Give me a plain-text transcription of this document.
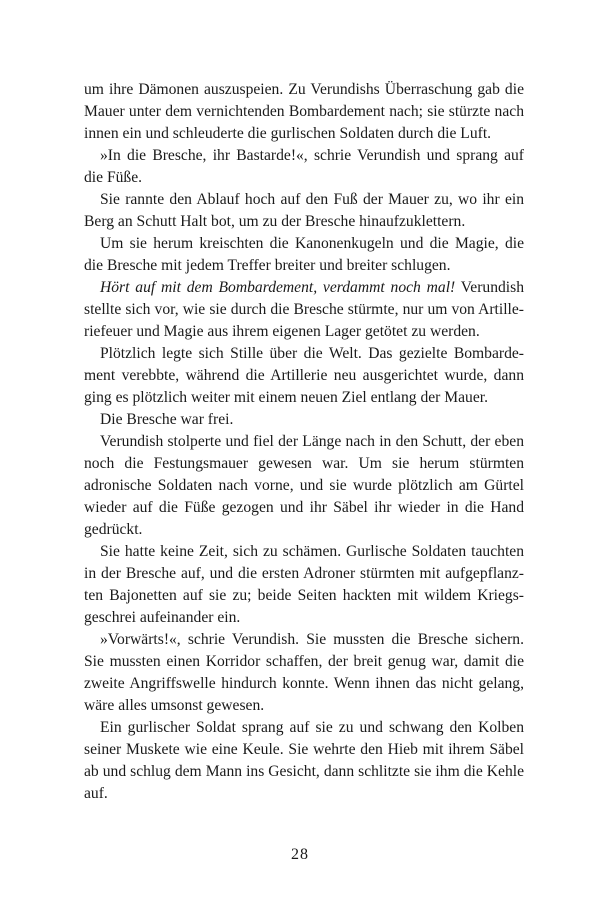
um ihre Dämonen auszuspeien. Zu Verundishs Überraschung gab die Mauer unter dem vernichtenden Bombardement nach; sie stürzte nach innen ein und schleuderte die gurlischen Soldaten durch die Luft.

»In die Bresche, ihr Bastarde!«, schrie Verundish und sprang auf die Füße.

Sie rannte den Ablauf hoch auf den Fuß der Mauer zu, wo ihr ein Berg an Schutt Halt bot, um zu der Bresche hinaufzuklettern.

Um sie herum kreischten die Kanonenkugeln und die Magie, die die Bresche mit jedem Treffer breiter und breiter schlugen.

Hört auf mit dem Bombardement, verdammt noch mal! Verundish stellte sich vor, wie sie durch die Bresche stürmte, nur um von Artilleriefeuer und Magie aus ihrem eigenen Lager getötet zu werden.

Plötzlich legte sich Stille über die Welt. Das gezielte Bombardement verebbte, während die Artillerie neu ausgerichtet wurde, dann ging es plötzlich weiter mit einem neuen Ziel entlang der Mauer.

Die Bresche war frei.

Verundish stolperte und fiel der Länge nach in den Schutt, der eben noch die Festungsmauer gewesen war. Um sie herum stürmten adronische Soldaten nach vorne, und sie wurde plötzlich am Gürtel wieder auf die Füße gezogen und ihr Säbel ihr wieder in die Hand gedrückt.

Sie hatte keine Zeit, sich zu schämen. Gurlische Soldaten tauchten in der Bresche auf, und die ersten Adroner stürmten mit aufgepflanzten Bajonetten auf sie zu; beide Seiten hackten mit wildem Kriegsgeschrei aufeinander ein.

»Vorwärts!«, schrie Verundish. Sie mussten die Bresche sichern. Sie mussten einen Korridor schaffen, der breit genug war, damit die zweite Angriffswelle hindurch konnte. Wenn ihnen das nicht gelang, wäre alles umsonst gewesen.

Ein gurlischer Soldat sprang auf sie zu und schwang den Kolben seiner Muskete wie eine Keule. Sie wehrte den Hieb mit ihrem Säbel ab und schlug dem Mann ins Gesicht, dann schlitzte sie ihm die Kehle auf.

28
